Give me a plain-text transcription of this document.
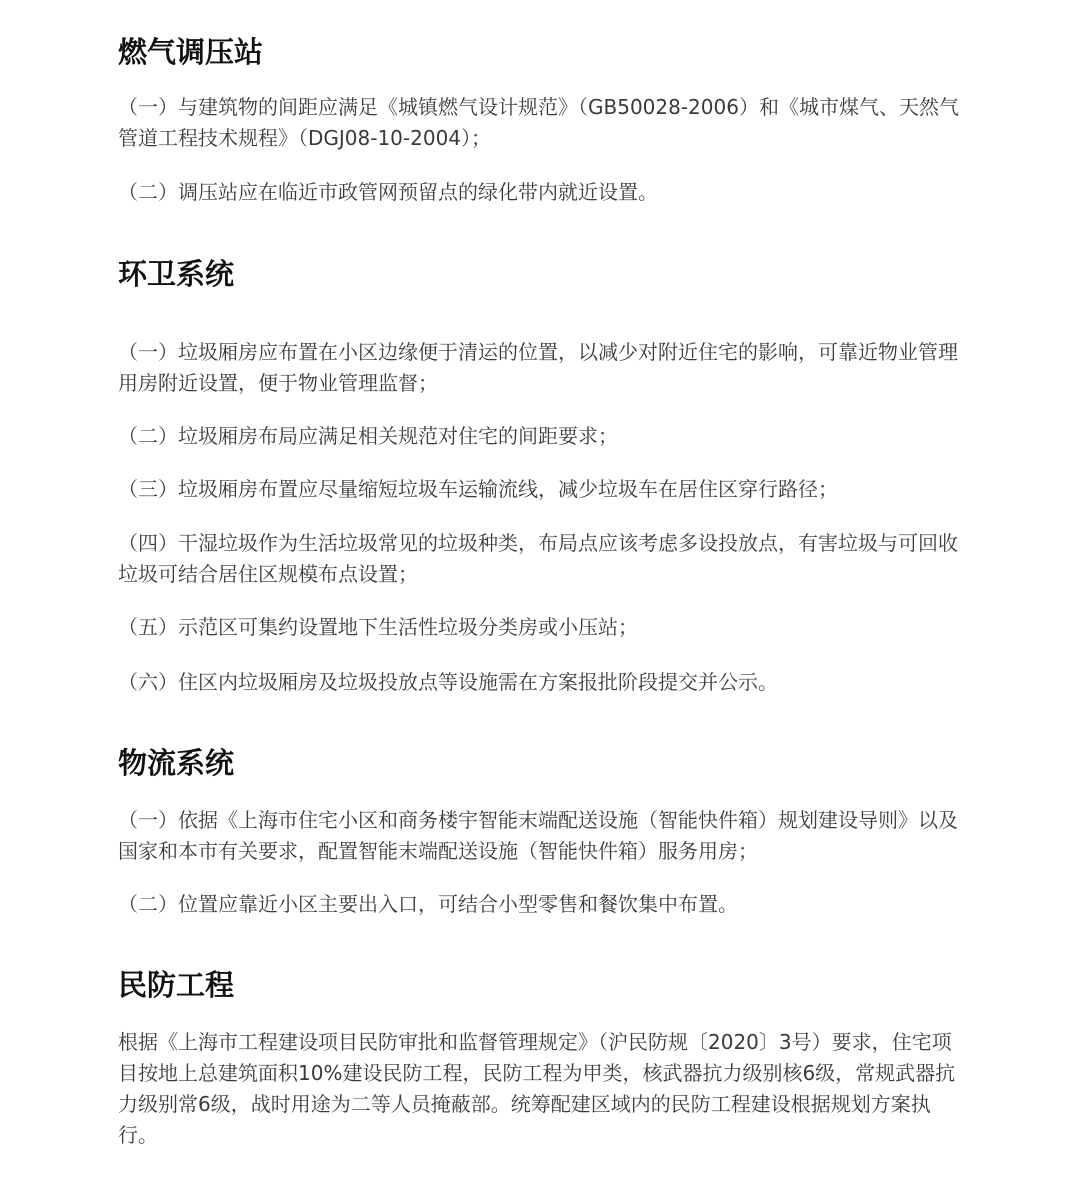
燃气调压站

（一）与建筑物的间距应满足《城镇燃气设计规范》（GB50028-2006）和《城市煤气、天然气管道工程技术规程》（DGJ08-10-2004）；

（二）调压站应在临近市政管网预留点的绿化带内就近设置。

环卫系统

（一）垃圾厢房应布置在小区边缘便于清运的位置，以减少对附近住宅的影响，可靠近物业管理用房附近设置，便于物业管理监督；

（二）垃圾厢房布局应满足相关规范对住宅的间距要求；

（三）垃圾厢房布置应尽量缩短垃圾车运输流线，减少垃圾车在居住区穿行路径；

（四）干湿垃圾作为生活垃圾常见的垃圾种类，布局点应该考虑多设投放点，有害垃圾与可回收垃圾可结合居住区规模布点设置；

（五）示范区可集约设置地下生活性垃圾分类房或小压站；

（六）住区内垃圾厢房及垃圾投放点等设施需在方案报批阶段提交并公示。

物流系统

（一）依据《上海市住宅小区和商务楼宇智能末端配送设施（智能快件箱）规划建设导则》以及国家和本市有关要求，配置智能末端配送设施（智能快件箱）服务用房；

（二）位置应靠近小区主要出入口，可结合小型零售和餐饮集中布置。

民防工程

根据《上海市工程建设项目民防审批和监督管理规定》（沪民防规〔2020〕3号）要求，住宅项目按地上总建筑面积10%建设民防工程，民防工程为甲类，核武器抗力级别核6级，常规武器抗力级别常6级，战时用途为二等人员掩蔽部。统筹配建区域内的民防工程建设根据规划方案执行。
